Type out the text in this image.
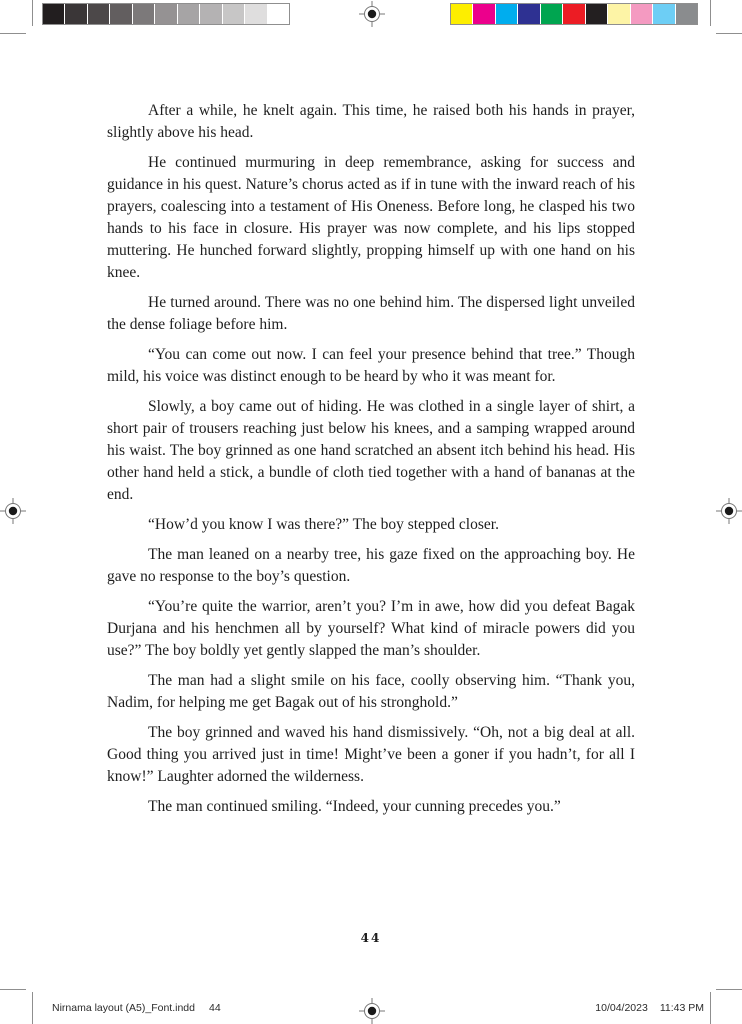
After a while, he knelt again. This time, he raised both his hands in prayer, slightly above his head.

He continued murmuring in deep remembrance, asking for success and guidance in his quest. Nature’s chorus acted as if in tune with the inward reach of his prayers, coalescing into a testament of His Oneness. Before long, he clasped his two hands to his face in closure. His prayer was now complete, and his lips stopped muttering. He hunched forward slightly, propping himself up with one hand on his knee.

He turned around. There was no one behind him. The dispersed light unveiled the dense foliage before him.

“You can come out now. I can feel your presence behind that tree.” Though mild, his voice was distinct enough to be heard by who it was meant for.

Slowly, a boy came out of hiding. He was clothed in a single layer of shirt, a short pair of trousers reaching just below his knees, and a samping wrapped around his waist. The boy grinned as one hand scratched an absent itch behind his head. His other hand held a stick, a bundle of cloth tied together with a hand of bananas at the end.

“How’d you know I was there?” The boy stepped closer.

The man leaned on a nearby tree, his gaze fixed on the approaching boy. He gave no response to the boy’s question.

“You’re quite the warrior, aren’t you? I’m in awe, how did you defeat Bagak Durjana and his henchmen all by yourself? What kind of miracle powers did you use?” The boy boldly yet gently slapped the man’s shoulder.

The man had a slight smile on his face, coolly observing him. “Thank you, Nadim, for helping me get Bagak out of his stronghold.”

The boy grinned and waved his hand dismissively. “Oh, not a big deal at all. Good thing you arrived just in time! Might’ve been a goner if you hadn’t, for all I know!” Laughter adorned the wilderness.

The man continued smiling. “Indeed, your cunning precedes you.”

44
Nirnama layout (A5)_Font.indd 44	10/04/2023 11:43 PM
